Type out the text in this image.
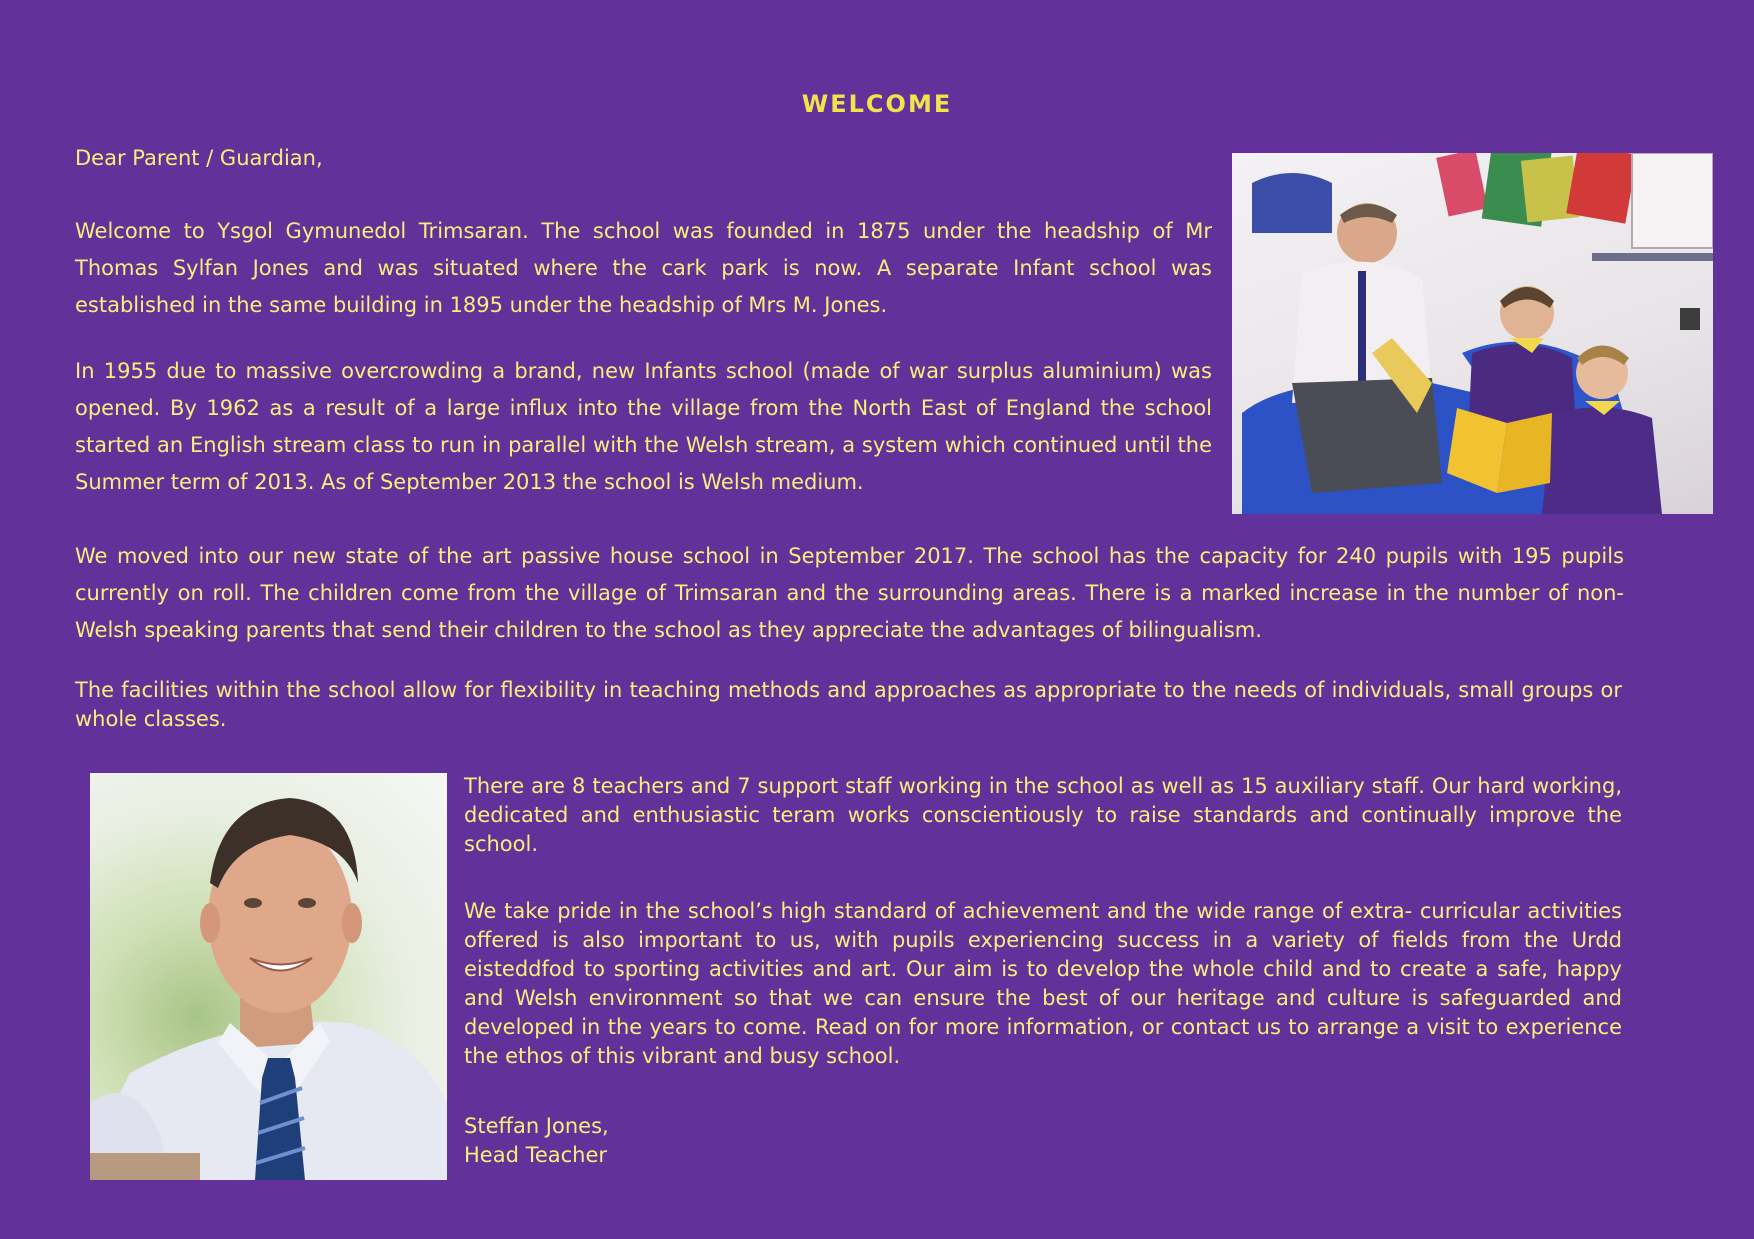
WELCOME

Dear Parent / Guardian,

Welcome to Ysgol Gymunedol Trimsaran. The school was founded in 1875 under the headship of Mr Thomas Sylfan Jones and was situated where the cark park is now. A separate Infant school was established in the same building in 1895 under the headship of Mrs M. Jones.

In 1955 due to massive overcrowding a brand, new Infants school (made of war surplus aluminium) was opened. By 1962 as a result of a large influx into the village from the North East of England the school started an English stream class to run in parallel with the Welsh stream, a system which continued until the Summer term of 2013. As of September 2013 the school is Welsh medium.

We moved into our new state of the art passive house school in September 2017. The school has the capacity for 240 pupils with 195 pupils currently on roll. The children come from the village of Trimsaran and the surrounding areas. There is a marked increase in the number of non- Welsh speaking parents that send their children to the school as they appreciate the advantages of bilingualism.

The facilities within the school allow for flexibility in teaching methods and approaches as appropriate to the needs of individuals, small groups or whole classes.

There are 8 teachers and 7 support staff working in the school as well as 15 auxiliary staff. Our hard working, dedicated and enthusiastic teram works conscientiously to raise standards and continually improve the school.

We take pride in the school’s high standard of achievement and the wide range of extra- curricular activities offered is also important to us, with pupils experiencing success in a variety of fields from the Urdd eisteddfod to sporting activities and art. Our aim is to develop the whole child and to create a safe, happy and Welsh environment so that we can ensure the best of our heritage and culture is safeguarded and developed in the years to come. Read on for more information, or contact us to arrange a visit to experience the ethos of this vibrant and busy school.

Steffan Jones,
Head Teacher
